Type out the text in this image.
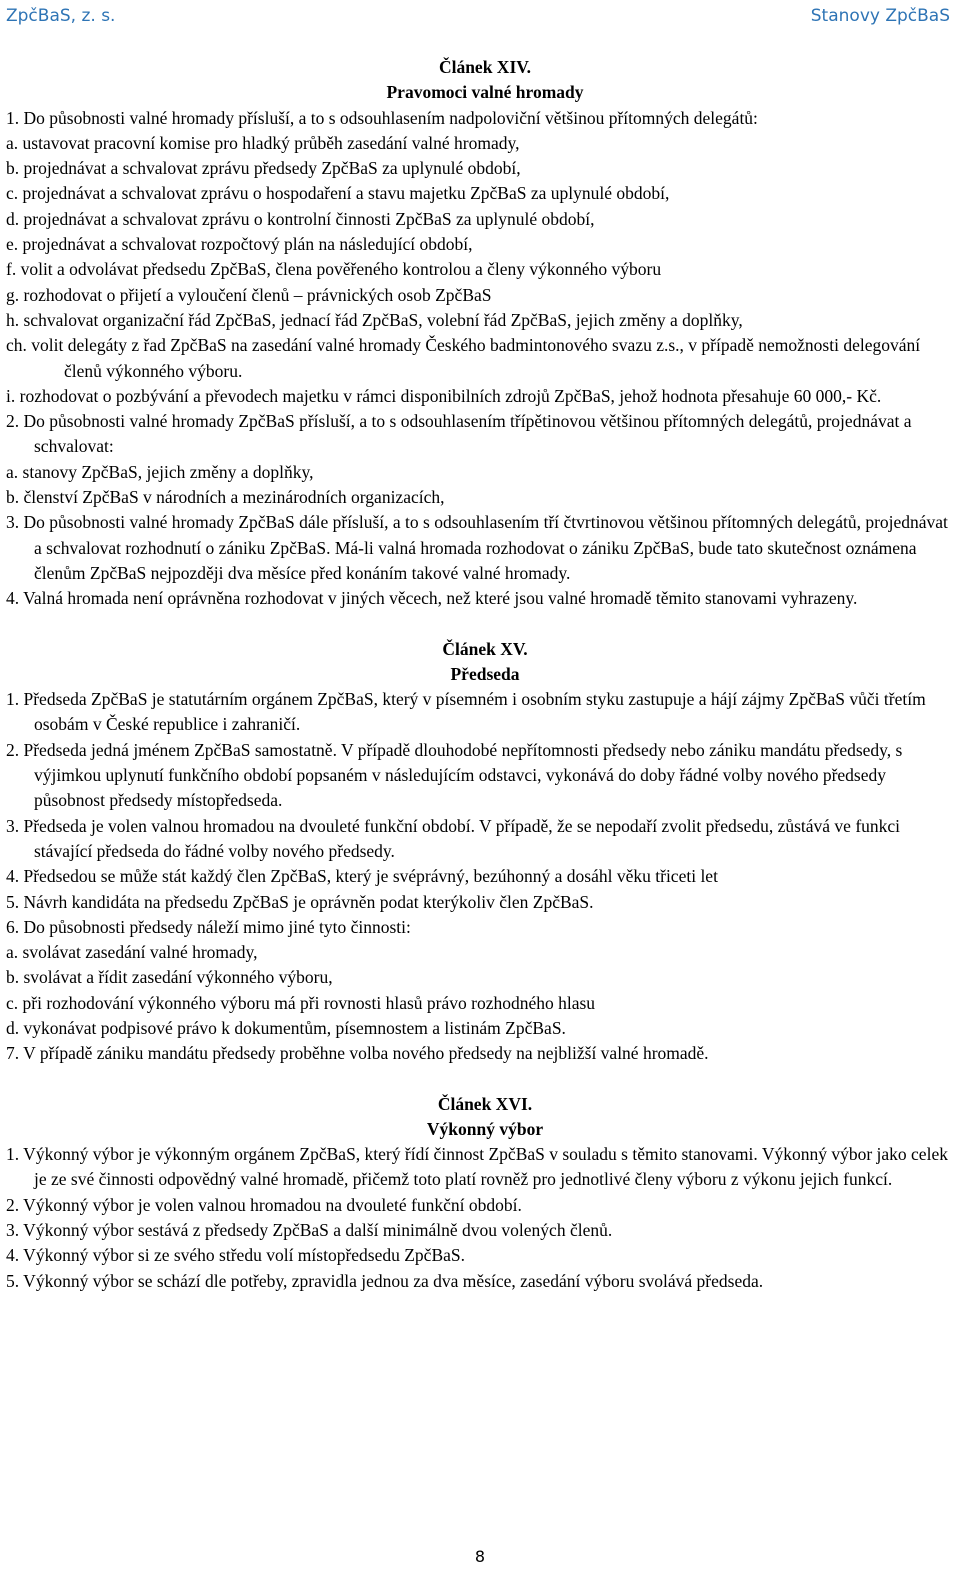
ZpčBaS, z. s.	Stanovy ZpčBaS
Článek XIV.
Pravomoci valné hromady
1. Do působnosti valné hromady přísluší, a to s odsouhlasením nadpoloviční většinou přítomných delegátů:
a. ustavovat pracovní komise pro hladký průběh zasedání valné hromady,
b. projednávat a schvalovat zprávu předsedy ZpčBaS za uplynulé období,
c. projednávat a schvalovat zprávu o hospodaření a stavu majetku ZpčBaS za uplynulé období,
d. projednávat a schvalovat zprávu o kontrolní činnosti ZpčBaS za uplynulé období,
e. projednávat a schvalovat rozpočtový plán na následující období,
f. volit a odvolávat předsedu ZpčBaS, člena pověřeného kontrolou a členy výkonného výboru
g. rozhodovat o přijetí a vyloučení členů – právnických osob ZpčBaS
h. schvalovat organizační řád ZpčBaS, jednací řád ZpčBaS, volební řád ZpčBaS, jejich změny a doplňky,
ch. volit delegáty z řad ZpčBaS na zasedání valné hromady Českého badmintonového svazu z.s., v případě nemožnosti delegování členů výkonného výboru.
i. rozhodovat o pozbývání a převodech majetku v rámci disponibilních zdrojů ZpčBaS, jehož hodnota přesahuje 60 000,- Kč.
2. Do působnosti valné hromady ZpčBaS přísluší, a to s odsouhlasením třípětinovou většinou přítomných delegátů, projednávat a schvalovat:
a. stanovy ZpčBaS, jejich změny a doplňky,
b. členství ZpčBaS v národních a mezinárodních organizacích,
3. Do působnosti valné hromady ZpčBaS dále přísluší, a to s odsouhlasením tří čtvrtinovou většinou přítomných delegátů, projednávat a schvalovat rozhodnutí o zániku ZpčBaS. Má-li valná hromada rozhodovat o zániku ZpčBaS, bude tato skutečnost oznámena členům ZpčBaS nejpozději dva měsíce před konáním takové valné hromady.
4. Valná hromada není oprávněna rozhodovat v jiných věcech, než které jsou valné hromadě těmito stanovami vyhrazeny.
Článek XV.
Předseda
1. Předseda ZpčBaS je statutárním orgánem ZpčBaS, který v písemném i osobním styku zastupuje a hájí zájmy ZpčBaS vůči třetím osobám v České republice i zahraničí.
2. Předseda jedná jménem ZpčBaS samostatně. V případě dlouhodobé nepřítomnosti předsedy nebo zániku mandátu předsedy, s výjimkou uplynutí funkčního období popsaném v následujícím odstavci, vykonává do doby řádné volby nového předsedy působnost předsedy místopředseda.
3. Předseda je volen valnou hromadou na dvouleté funkční období. V případě, že se nepodaří zvolit předsedu, zůstává ve funkci stávající předseda do řádné volby nového předsedy.
4. Předsedou se může stát každý člen ZpčBaS, který je svéprávný, bezúhonný a dosáhl věku třiceti let
5. Návrh kandidáta na předsedu ZpčBaS je oprávněn podat kterýkoliv člen ZpčBaS.
6. Do působnosti předsedy náleží mimo jiné tyto činnosti:
a. svolávat zasedání valné hromady,
b. svolávat a řídit zasedání výkonného výboru,
c. při rozhodování výkonného výboru má při rovnosti hlasů právo rozhodného hlasu
d. vykonávat podpisové právo k dokumentům, písemnostem a listinám ZpčBaS.
7. V případě zániku mandátu předsedy proběhne volba nového předsedy na nejbližší valné hromadě.
Článek XVI.
Výkonný výbor
1. Výkonný výbor je výkonným orgánem ZpčBaS, který řídí činnost ZpčBaS v souladu s těmito stanovami. Výkonný výbor jako celek je ze své činnosti odpovědný valné hromadě, přičemž toto platí rovněž pro jednotlivé členy výboru z výkonu jejich funkcí.
2. Výkonný výbor je volen valnou hromadou na dvouleté funkční období.
3. Výkonný výbor sestává z předsedy ZpčBaS a další minimálně dvou volených členů.
4. Výkonný výbor si ze svého středu volí místopředsedu ZpčBaS.
5. Výkonný výbor se schází dle potřeby, zpravidla jednou za dva měsíce, zasedání výboru svolává předseda.
8
